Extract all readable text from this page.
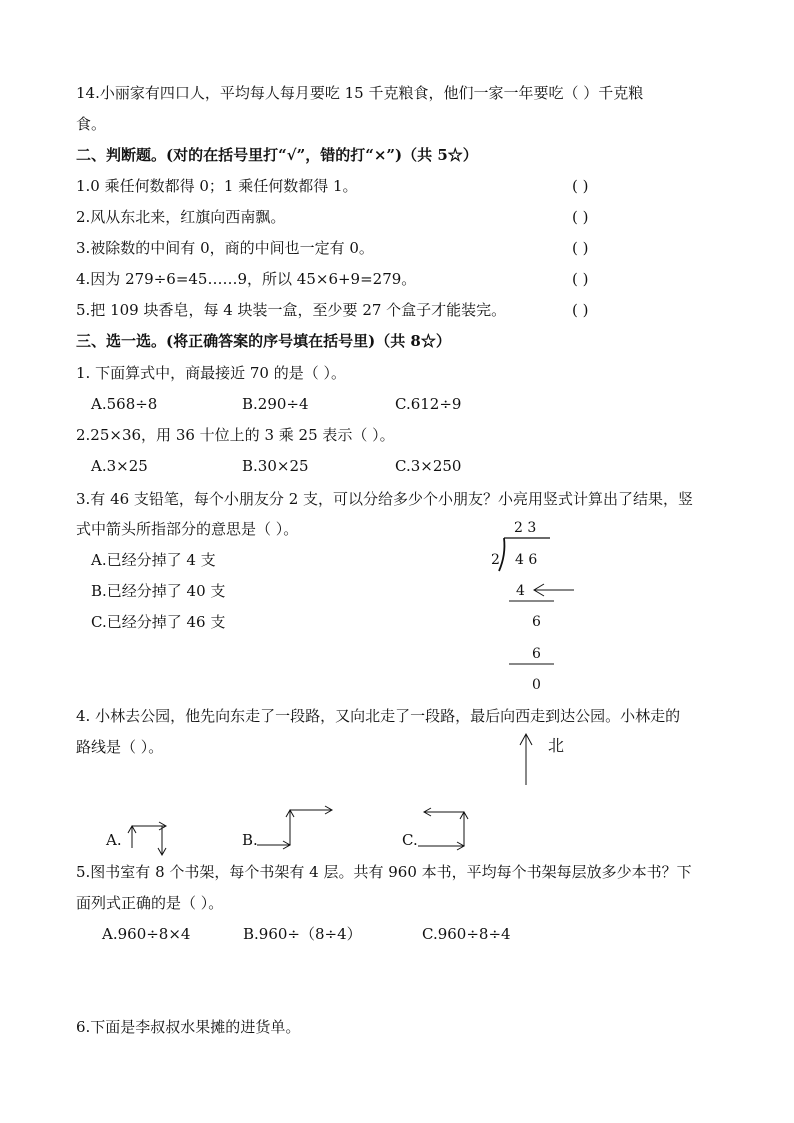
14.小丽家有四口人，平均每人每月要吃 15 千克粮食，他们一家一年要吃（ ）千克粮
食。
二、判断题。(对的在括号里打“√”，错的打“×”)（共 5☆）
1.0 乘任何数都得 0；1 乘任何数都得 1。	( )
2.风从东北来，红旗向西南飘。	( )
3.被除数的中间有 0，商的中间也一定有 0。	( )
4.因为 279÷6=45……9，所以 45×6+9=279。	( )
5.把 109 块香皂，每 4 块装一盒，至少要 27 个盒子才能装完。	( )
三、选一选。(将正确答案的序号填在括号里)（共 8☆）
1. 下面算式中，商最接近 70 的是（ ）。
A.568÷8	B.290÷4	C.612÷9
2.25×36，用 36 十位上的 3 乘 25 表示（ ）。
A.3×25	B.30×25	C.3×250
3.有 46 支铅笔，每个小朋友分 2 支，可以分给多少个小朋友？小亮用竖式计算出了结果，竖
式中箭头所指部分的意思是（ ）。
A.已经分掉了 4 支
B.已经分掉了 40 支
C.已经分掉了 46 支
2 3
2 4 6
4
6
6
0
4. 小林去公园，他先向东走了一段路，又向北走了一段路，最后向西走到达公园。小林走的
路线是（ ）。	北
A.	B.	C.
5.图书室有 8 个书架，每个书架有 4 层。共有 960 本书，平均每个书架每层放多少本书？下
面列式正确的是（ ）。
A.960÷8×4	B.960÷（8÷4）	C.960÷8÷4
6.下面是李叔叔水果摊的进货单。
